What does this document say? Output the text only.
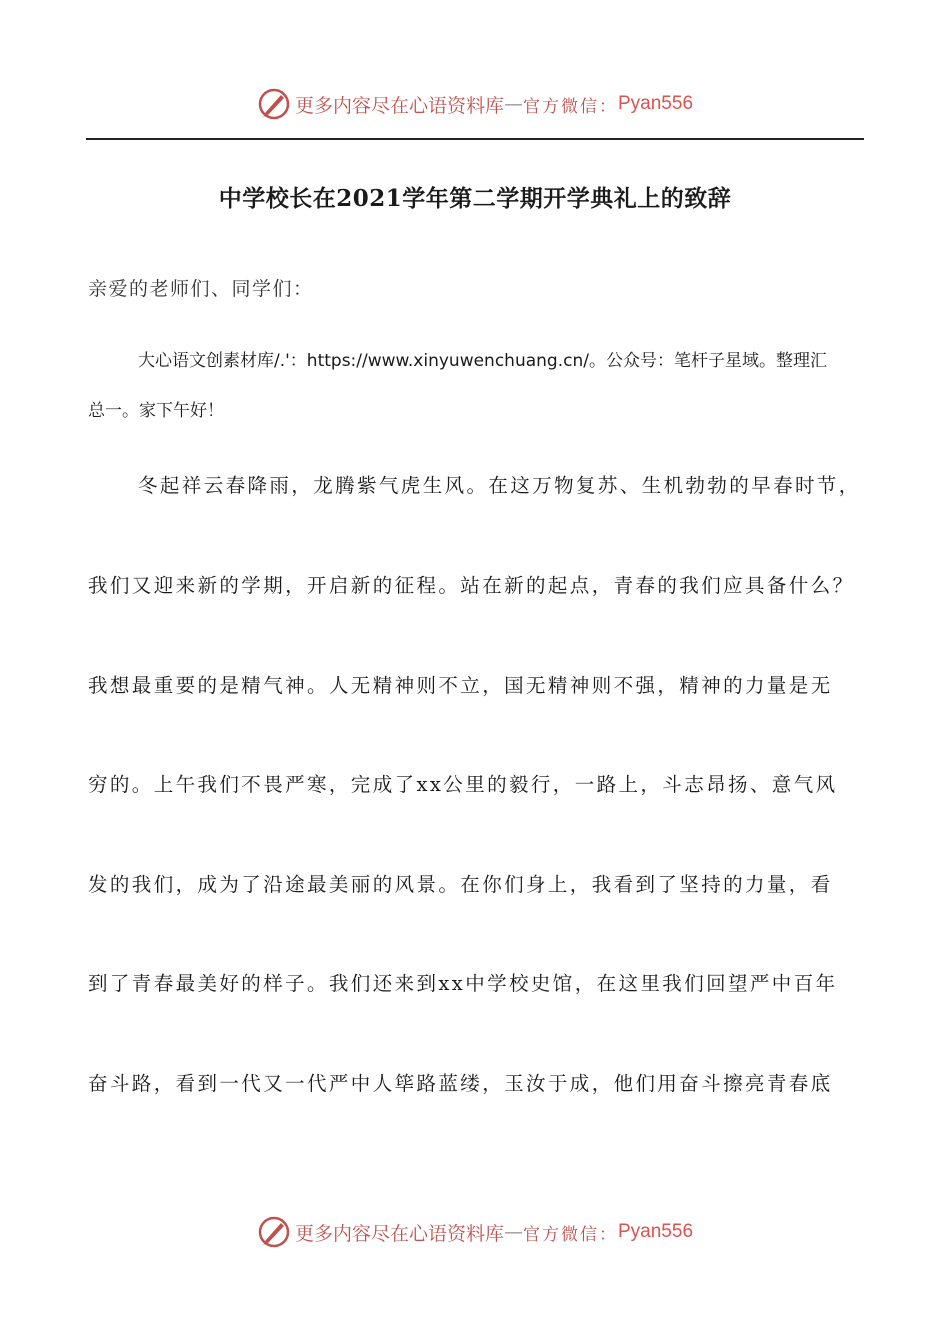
更多内容尽在心语资料库 — 官方微信： Pyan556
中学校长在2021学年第二学期开学典礼上的致辞
亲爱的老师们、同学们：
大心语文创素材库/.'：https://www.xinyuwenchuang.cn/。公众号：笔杆子星域。整理汇
总一。家下午好！
冬起祥云春降雨，龙腾紫气虎生风。在这万物复苏、生机勃勃的早春时节，
我们又迎来新的学期，开启新的征程。站在新的起点，青春的我们应具备什么？
我想最重要的是精气神。人无精神则不立，国无精神则不强，精神的力量是无
穷的。上午我们不畏严寒，完成了xx公里的毅行，一路上，斗志昂扬、意气风
发的我们，成为了沿途最美丽的风景。在你们身上，我看到了坚持的力量，看
到了青春最美好的样子。我们还来到xx中学校史馆，在这里我们回望严中百年
奋斗路，看到一代又一代严中人筚路蓝缕，玉汝于成，他们用奋斗擦亮青春底
更多内容尽在心语资料库 — 官方微信： Pyan556
